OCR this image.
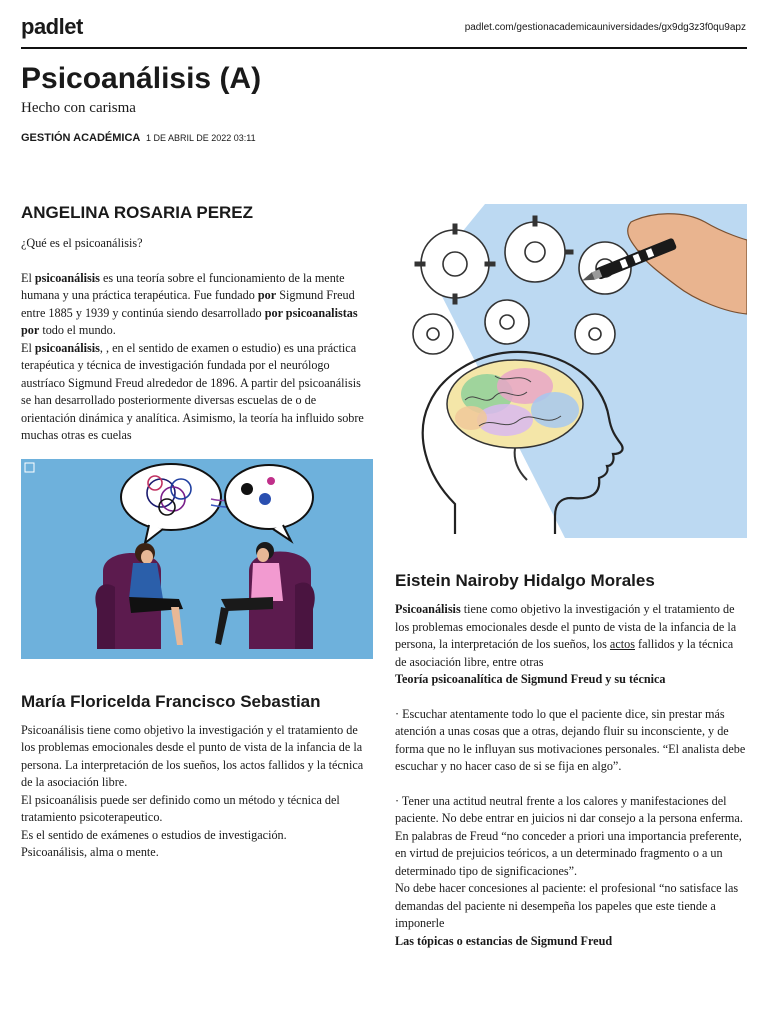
padlet	padlet.com/gestionacademicauniversidades/gx9dg3z3f0qu9apz
Psicoanálisis (A)
Hecho con carisma
GESTIÓN ACADÉMICA 1 DE ABRIL DE 2022 03:11
ANGELINA ROSARIA PEREZ

¿Qué es el psicoanálisis?

El psicoanálisis es una teoría sobre el funcionamiento de la mente humana y una práctica terapéutica. Fue fundado por Sigmund Freud entre 1885 y 1939 y continúa siendo desarrollado por psicoanalistas por todo el mundo.

El psicoanálisis, , en el sentido de examen o estudio) es una práctica terapéutica y técnica de investigación fundada por el neurólogo austríaco Sigmund Freud alrededor de 1896. A partir del psicoanálisis se han desarrollado posteriormente diversas escuelas de o de orientación dinámica y analítica. Asimismo, la teoría ha influido sobre muchas otras es cuelas

María Floricelda Francisco Sebastian

Psicoanálisis tiene como objetivo la investigación y el tratamiento de los problemas emocionales desde el punto de vista de la infancia de la persona. La interpretación de los sueños, los actos fallidos y la técnica de la asociación libre.

El psicoanálisis puede ser definido como un método y técnica del tratamiento psicoterapeutico.

Es el sentido de exámenes o estudios de investigación.

Psicoanálisis, alma o mente.

Eistein Nairoby Hidalgo Morales

Psicoanálisis tiene como objetivo la investigación y el tratamiento de los problemas emocionales desde el punto de vista de la infancia de la persona, la interpretación de los sueños, los actos fallidos y la técnica de asociación libre, entre otras

Teoría psicoanalítica de Sigmund Freud y su técnica

· Escuchar atentamente todo lo que el paciente dice, sin prestar más atención a unas cosas que a otras, dejando fluir su inconsciente, y de forma que no le influyan sus motivaciones personales. “El analista debe escuchar y no hacer caso de si se fija en algo”.

· Tener una actitud neutral frente a los calores y manifestaciones del paciente. No debe entrar en juicios ni dar consejo a la persona enferma. En palabras de Freud “no conceder a priori una importancia preferente, en virtud de prejuicios teóricos, a un determinado fragmento o a un determinado tipo de significaciones”.

No debe hacer concesiones al paciente: el profesional “no satisface las demandas del paciente ni desempeña los papeles que este tiende a imponerle

Las tópicas o estancias de Sigmund Freud
